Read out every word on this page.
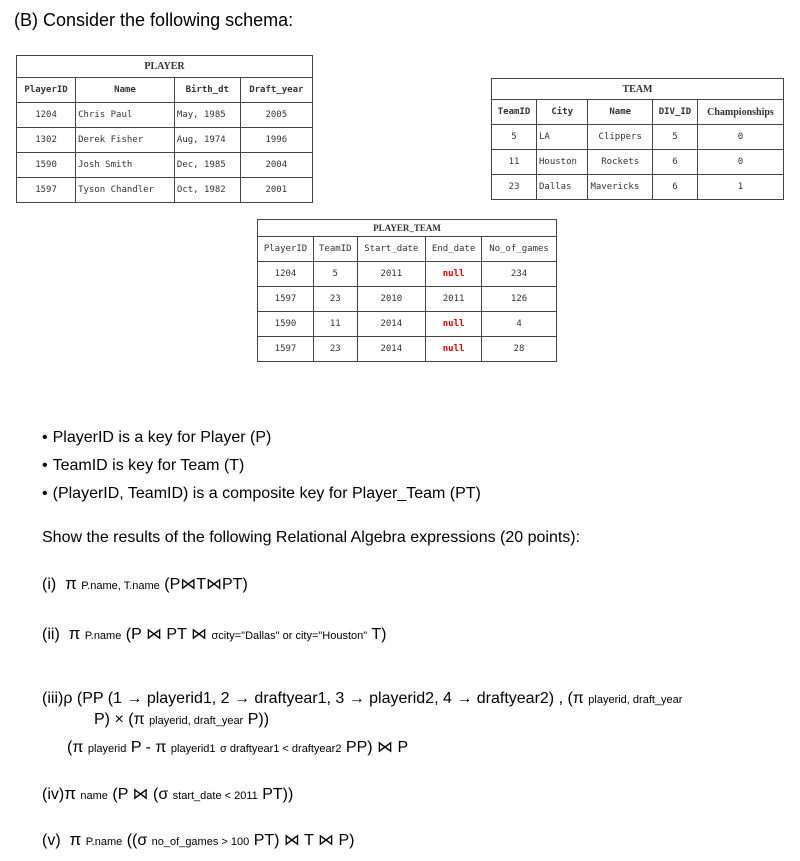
(B) Consider the following schema:
PLAYER			
PlayerID	Name	Birth_dt	Draft_year
1204	Chris Paul	May, 1985	2005
1302	Derek Fisher	Aug, 1974	1996
1590	Josh Smith	Dec, 1985	2004
1597	Tyson Chandler	Oct, 1982	2001
TEAM				
TeamID	City	Name	DIV_ID	Championships
5	LA	Clippers	5	0
11	Houston	Rockets	6	0
23	Dallas	Mavericks	6	1
PLAYER_TEAM				
PlayerID	TeamID	Start_date	End_date	No_of_games
1204	5	2011	null	234
1597	23	2010	2011	126
1590	11	2014	null	4
1597	23	2014	null	28
• PlayerID is a key for Player (P)
• TeamID is key for Team (T)
• (PlayerID, TeamID) is a composite key for Player_Team (PT)
Show the results of the following Relational Algebra expressions (20 points):
(i) π P.name, T.name (P⋈T⋈PT)
(ii) π P.name (P ⋈ PT ⋈ σcity="Dallas" or city="Houston" T)
(iii)ρ (PP (1 → playerid1, 2 → draftyear1, 3 → playerid2, 4 → draftyear2) , (π playerid, draft_year
P) × (π playerid, draft_year P))
(π playerid P - π playerid1 σ draftyear1 < draftyear2 PP) ⋈ P
(iv)π name (P ⋈ (σ start_date < 2011 PT))
(v) π P.name ((σ no_of_games > 100 PT) ⋈ T ⋈ P)
